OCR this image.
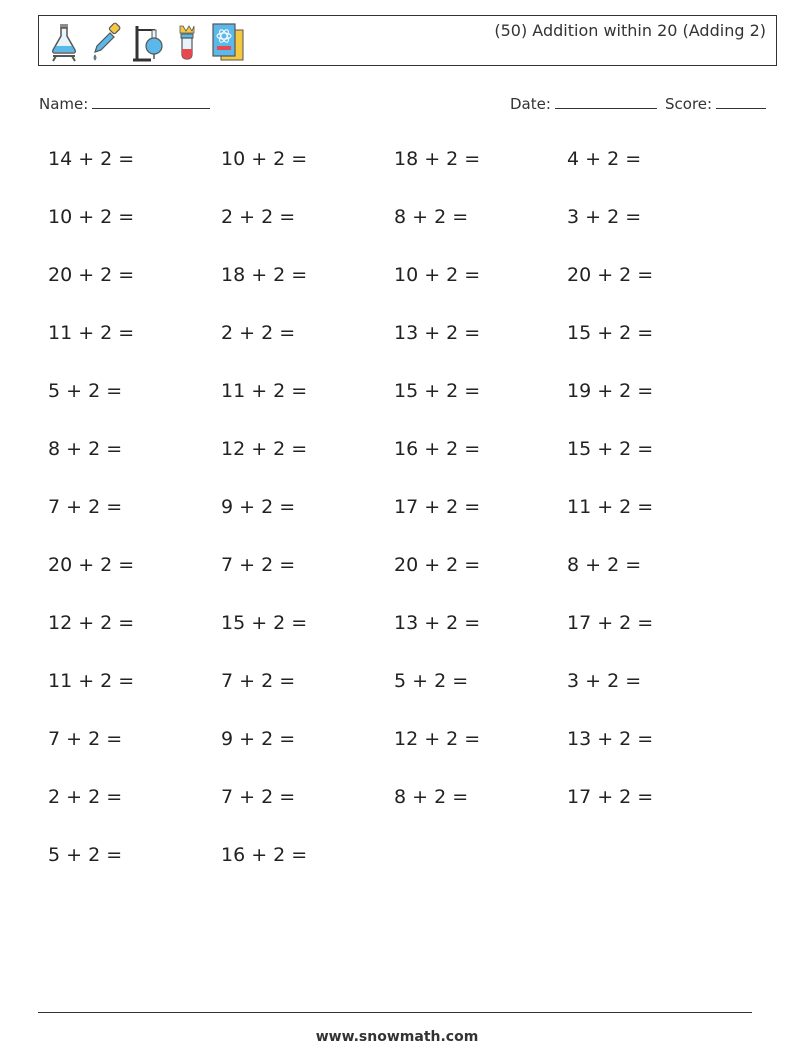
(50) Addition within 20 (Adding 2)
Name:	Date:	Score:
14 + 2 =	10 + 2 =	18 + 2 =	4 + 2 =
10 + 2 =	2 + 2 =	8 + 2 =	3 + 2 =
20 + 2 =	18 + 2 =	10 + 2 =	20 + 2 =
11 + 2 =	2 + 2 =	13 + 2 =	15 + 2 =
5 + 2 =	11 + 2 =	15 + 2 =	19 + 2 =
8 + 2 =	12 + 2 =	16 + 2 =	15 + 2 =
7 + 2 =	9 + 2 =	17 + 2 =	11 + 2 =
20 + 2 =	7 + 2 =	20 + 2 =	8 + 2 =
12 + 2 =	15 + 2 =	13 + 2 =	17 + 2 =
11 + 2 =	7 + 2 =	5 + 2 =	3 + 2 =
7 + 2 =	9 + 2 =	12 + 2 =	13 + 2 =
2 + 2 =	7 + 2 =	8 + 2 =	17 + 2 =
5 + 2 =	16 + 2 =
www.snowmath.com
